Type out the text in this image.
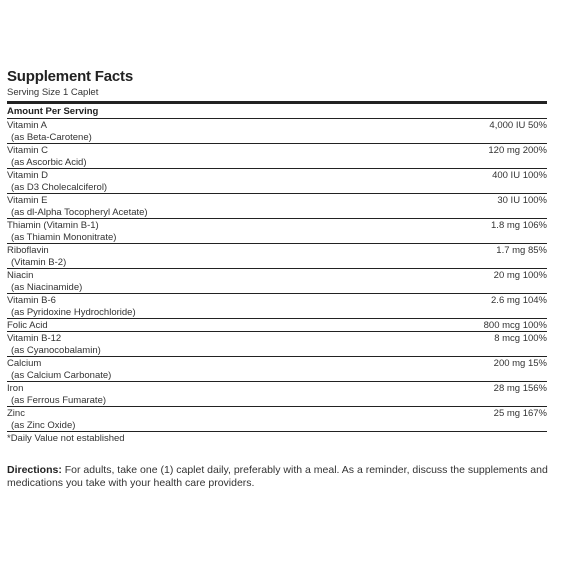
Supplement Facts
Serving Size 1 Caplet
Amount Per Serving
Vitamin A
(as Beta-Carotene)
4,000 IU 50%
Vitamin C
(as Ascorbic Acid)
120 mg 200%
Vitamin D
(as D3 Cholecalciferol)
400 IU 100%
Vitamin E
(as dl-Alpha Tocopheryl Acetate)
30 IU 100%
Thiamin (Vitamin B-1)
(as Thiamin Mononitrate)
1.8 mg 106%
Riboflavin
(Vitamin B-2)
1.7 mg 85%
Niacin
(as Niacinamide)
20 mg 100%
Vitamin B-6
(as Pyridoxine Hydrochloride)
2.6 mg 104%
Folic Acid	800 mcg 100%
Vitamin B-12
(as Cyanocobalamin)
8 mcg 100%
Calcium
(as Calcium Carbonate)
200 mg 15%
Iron
(as Ferrous Fumarate)
28 mg 156%
Zinc
(as Zinc Oxide)
25 mg 167%
*Daily Value not established
Directions: For adults, take one (1) caplet daily, preferably with a meal. As a reminder, discuss the supplements and medications you take with your health care providers.
